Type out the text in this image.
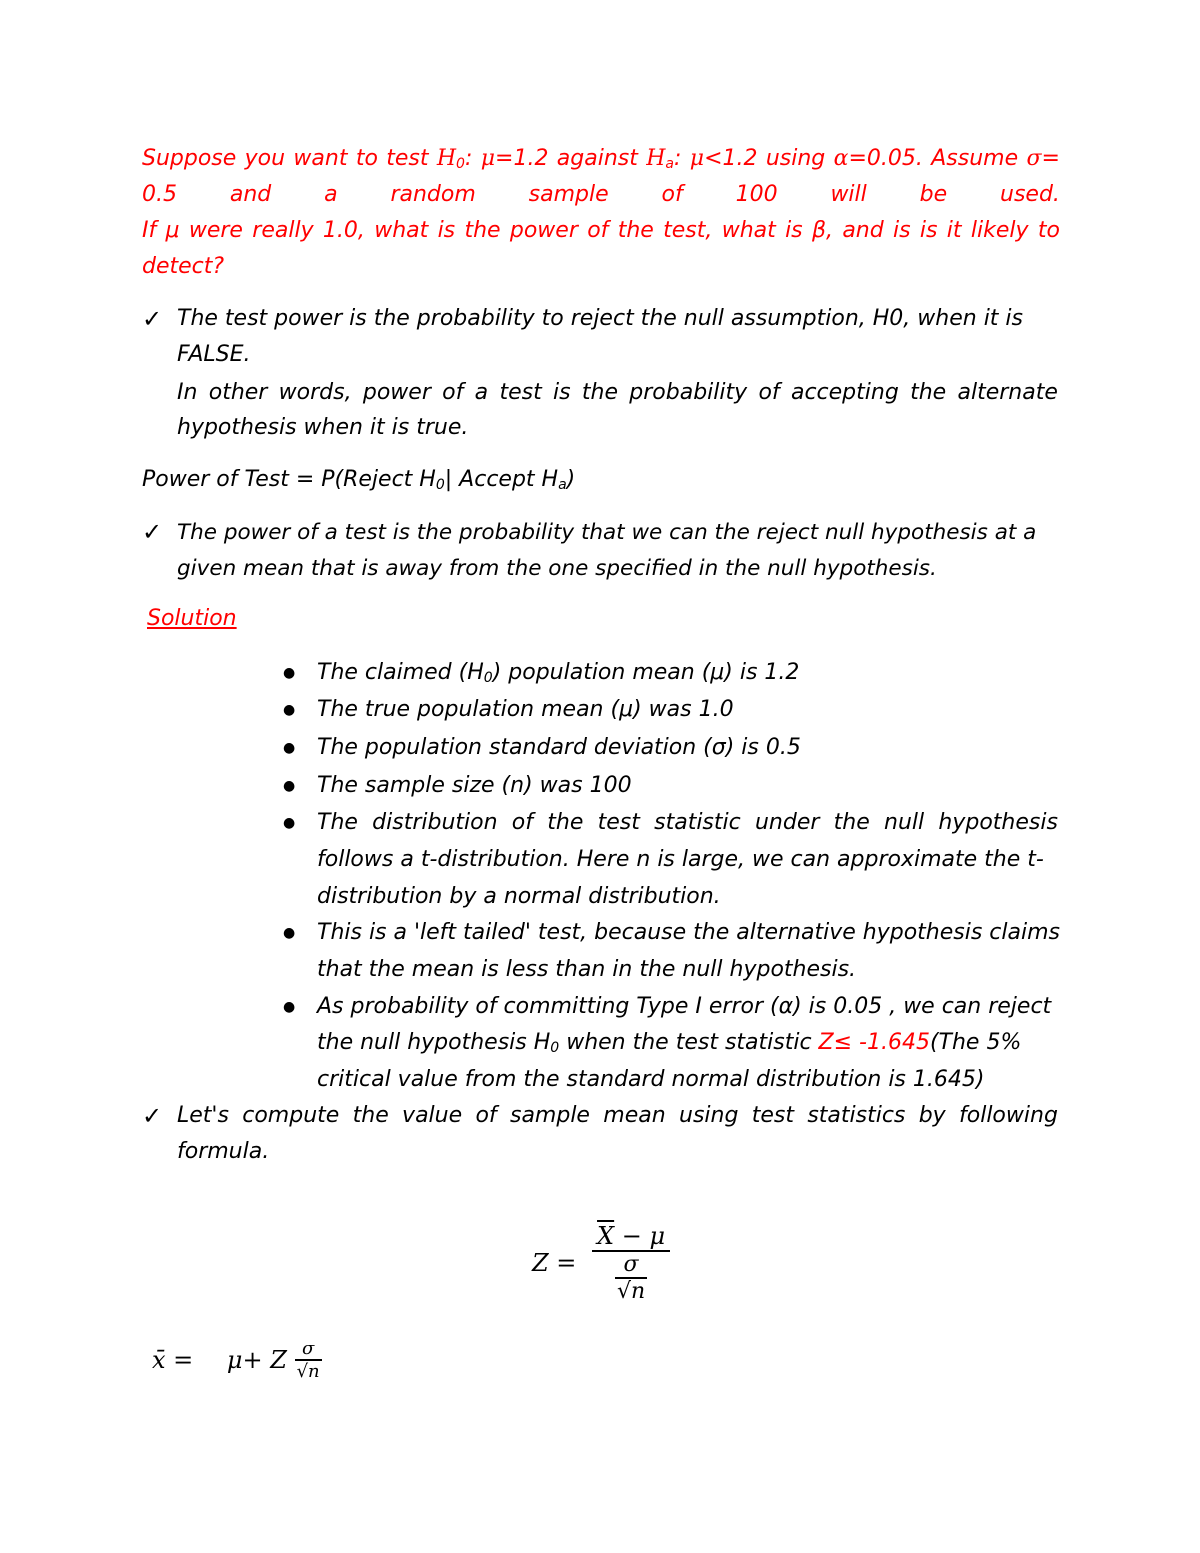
Suppose you want to test $H_0$: μ=1.2 against $H_a$: μ<1.2 using α=0.05. Assume σ=
0.5 and a random sample of 100 will be used.
If μ were really 1.0, what is the power of the test, what is β, and is is it likely to
detect?
✓ The test power is the probability to reject the null assumption, H0, when it is
FALSE.
In other words, power of a test is the probability of accepting the alternate
hypothesis when it is true.
Power of Test = P(Reject $H_0|$ Accept $H_a$)
✓ The power of a test is the probability that we can the reject null hypothesis at a
given mean that is away from the one specified in the null hypothesis.
Solution
● The claimed $(H_0)$ population mean (μ) is 1.2
● The true population mean (μ) was 1.0
● The population standard deviation (σ) is 0.5
● The sample size (n) was 100
● The distribution of the test statistic under the null hypothesis
follows a t-distribution. Here n is large, we can approximate the t-
distribution by a normal distribution.
● This is a 'left tailed' test, because the alternative hypothesis claims
that the mean is less than in the null hypothesis.
● As probability of committing Type I error (α) is 0.05 , we can reject
the null hypothesis $H_0$ when the test statistic Z≤ -1.645(The 5%
critical value from the standard normal distribution is 1.645)
✓ Let's compute the value of sample mean using test statistics by following
formula.
$Z = \frac{\overline{X} - \mu}{\frac{\sigma}{√n}}$
x̄ = μ+ Z $\frac{\sigma}{√n}$
